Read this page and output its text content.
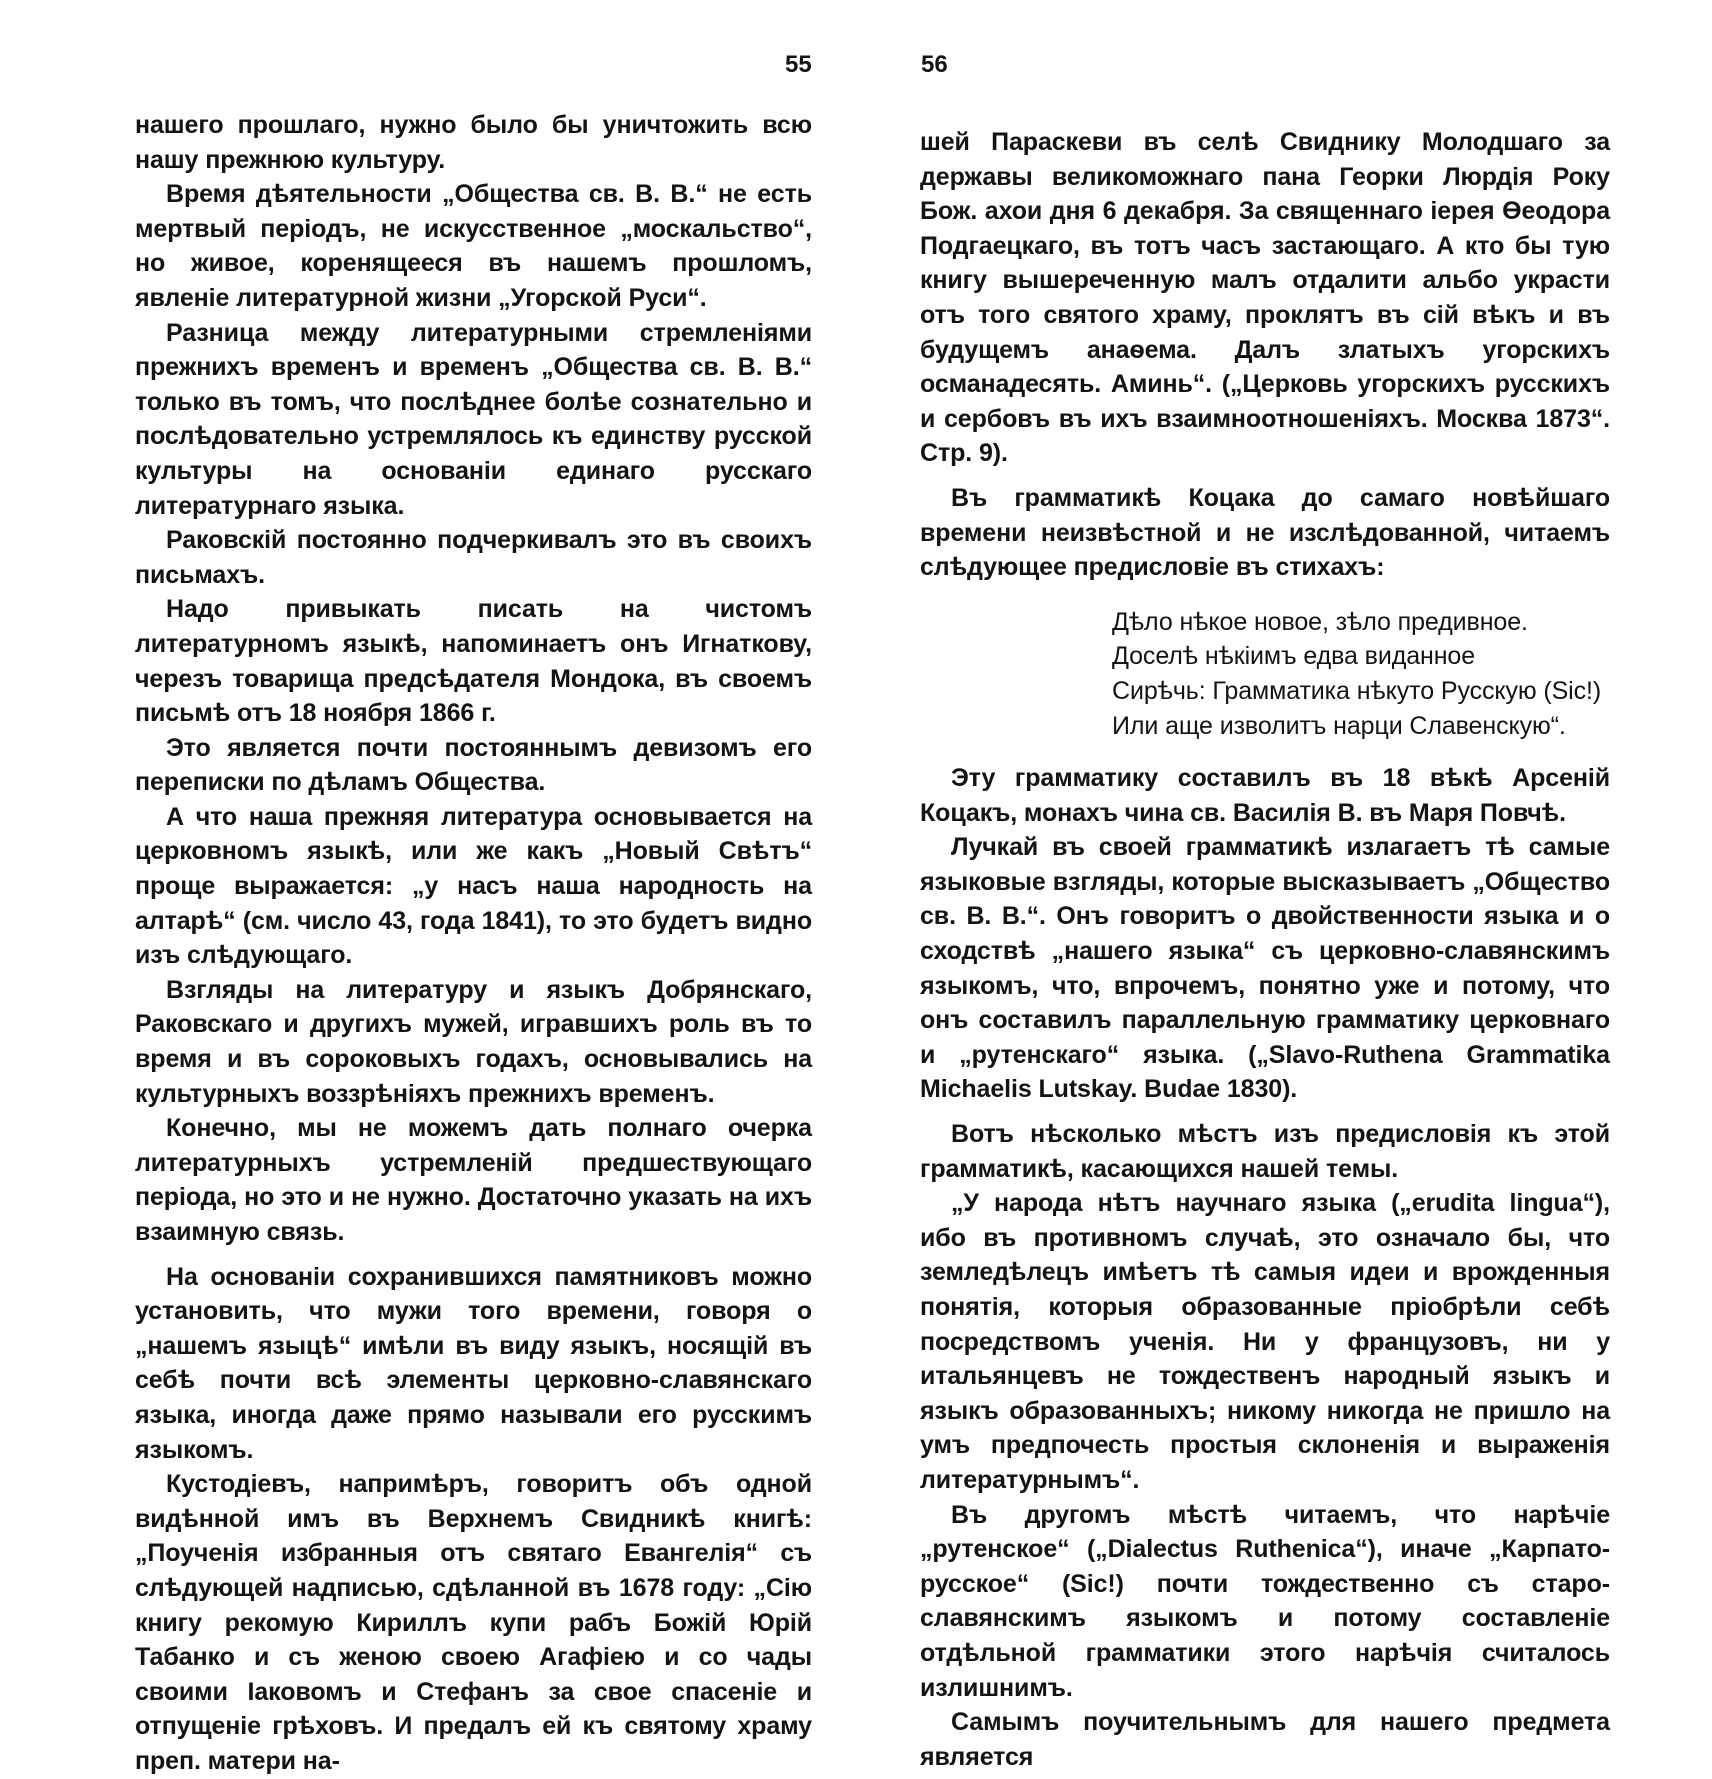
55

нашего прошлаго, нужно было бы уничтожить всю нашу прежнюю культуру.

Время дѣятельности „Общества св. В. В.“ не есть мертвый періодъ, не искусственное „москальство“, но живое, коренящееся въ нашемъ прошломъ, явленіе литературной жизни „Угорской Руси“.

Разница между литературными стремленіями прежнихъ временъ и временъ „Общества св. В. В.“ только въ томъ, что послѣднее болѣе сознательно и послѣдовательно устремлялось къ единству русской культуры на основаніи единаго русскаго литературнаго языка.

Раковскій постоянно подчеркивалъ это въ своихъ письмахъ.

Надо привыкать писать на чистомъ литературномъ языкѣ, напоминаетъ онъ Игнаткову, черезъ товарища предсѣдателя Мондока, въ своемъ письмѣ отъ 18 ноября 1866 г.

Это является почти постояннымъ девизомъ его переписки по дѣламъ Общества.

А что наша прежняя литература основывается на церковномъ языкѣ, или же какъ „Новый Свѣтъ“ проще выражается: „у насъ наша народность на алтарѣ“ (см. число 43, года 1841), то это будетъ видно изъ слѣдующаго.

Взгляды на литературу и языкъ Добрянскаго, Раковскаго и другихъ мужей, игравшихъ роль въ то время и въ сороковыхъ годахъ, основывались на культурныхъ воззрѣніяхъ прежнихъ временъ.

Конечно, мы не можемъ дать полнаго очерка литературныхъ устремленій предшествующаго періода, но это и не нужно. Достаточно указать на ихъ взаимную связь.

На основаніи сохранившихся памятниковъ можно установить, что мужи того времени, говоря о „нашемъ языцѣ“ имѣли въ виду языкъ, носящій въ себѣ почти всѣ элементы церковно-славянскаго языка, иногда даже прямо называли его русскимъ языкомъ.

Кустодіевъ, напримѣръ, говоритъ объ одной видѣнной имъ въ Верхнемъ Свидникѣ книгѣ: „Поученія избранныя отъ святаго Евангелія“ съ слѣдующей надписью, сдѣланной въ 1678 году: „Сію книгу рекомую Кириллъ купи рабъ Божій Юрій Табанко и съ женою своею Агафіею и со чады своими Іаковомъ и Стефанъ за свое спасеніе и отпущеніе грѣховъ. И предалъ ей къ святому храму преп. матери на-

56

шей Параскеви въ селѣ Свиднику Молодшаго за державы великоможнаго пана Георки Люрдія Року Бож. ахои дня 6 декабря. За священнаго іерея Өеодора Подгаецкаго, въ тотъ часъ застающаго. А кто бы тую книгу вышереченную малъ отдалити альбо украсти отъ того святого храму, проклятъ въ сій вѣкъ и въ будущемъ анаѳема. Далъ златыхъ угорскихъ османадесять. Аминь“. („Церковь угорскихъ русскихъ и сербовъ въ ихъ взаимноотношеніяхъ. Москва 1873“. Стр. 9).

Въ грамматикѣ Коцака до самаго новѣйшаго времени неизвѣстной и не изслѣдованной, читаемъ слѣдующее предисловіе въ стихахъ:

Дѣло нѣкое новое, зѣло предивное.
Доселѣ нѣкіимъ едва виданное
Сирѣчь: Грамматика нѣкуто Русскую (Sic!)
Или аще изволитъ нарци Славенскую“.

Эту грамматику составилъ въ 18 вѣкѣ Арсеній Коцакъ, монахъ чина св. Василія В. въ Маря Повчѣ.

Лучкай въ своей грамматикѣ излагаетъ тѣ самые языковые взгляды, которые высказываетъ „Общество св. В. В.“. Онъ говоритъ о двойственности языка и о сходствѣ „нашего языка“ съ церковно-славянскимъ языкомъ, что, впрочемъ, понятно уже и потому, что онъ составилъ параллельную грамматику церковнаго и „рутенскаго“ языка. („Slavo-Ruthena Grammatika Michaelis Lutskay. Budae 1830).

Вотъ нѣсколько мѣстъ изъ предисловія къ этой грамматикѣ, касающихся нашей темы.

„У народа нѣтъ научнаго языка („erudita lingua“), ибо въ противномъ случаѣ, это означало бы, что земледѣлецъ имѣетъ тѣ самыя идеи и врожденныя понятія, которыя образованные пріобрѣли себѣ посредствомъ ученія. Ни у французовъ, ни у итальянцевъ не тождественъ народный языкъ и языкъ образованныхъ; никому никогда не пришло на умъ предпочесть простыя склоненія и выраженія литературнымъ“.

Въ другомъ мѣстѣ читаемъ, что нарѣчіе „рутенское“ („Dialectus Ruthenica“), иначе „Карпато-русское“ (Sic!) почти тождественно съ старо-славянскимъ языкомъ и потому составленіе отдѣльной грамматики этого нарѣчія считалось излишнимъ.

Самымъ поучительнымъ для нашего предмета является
